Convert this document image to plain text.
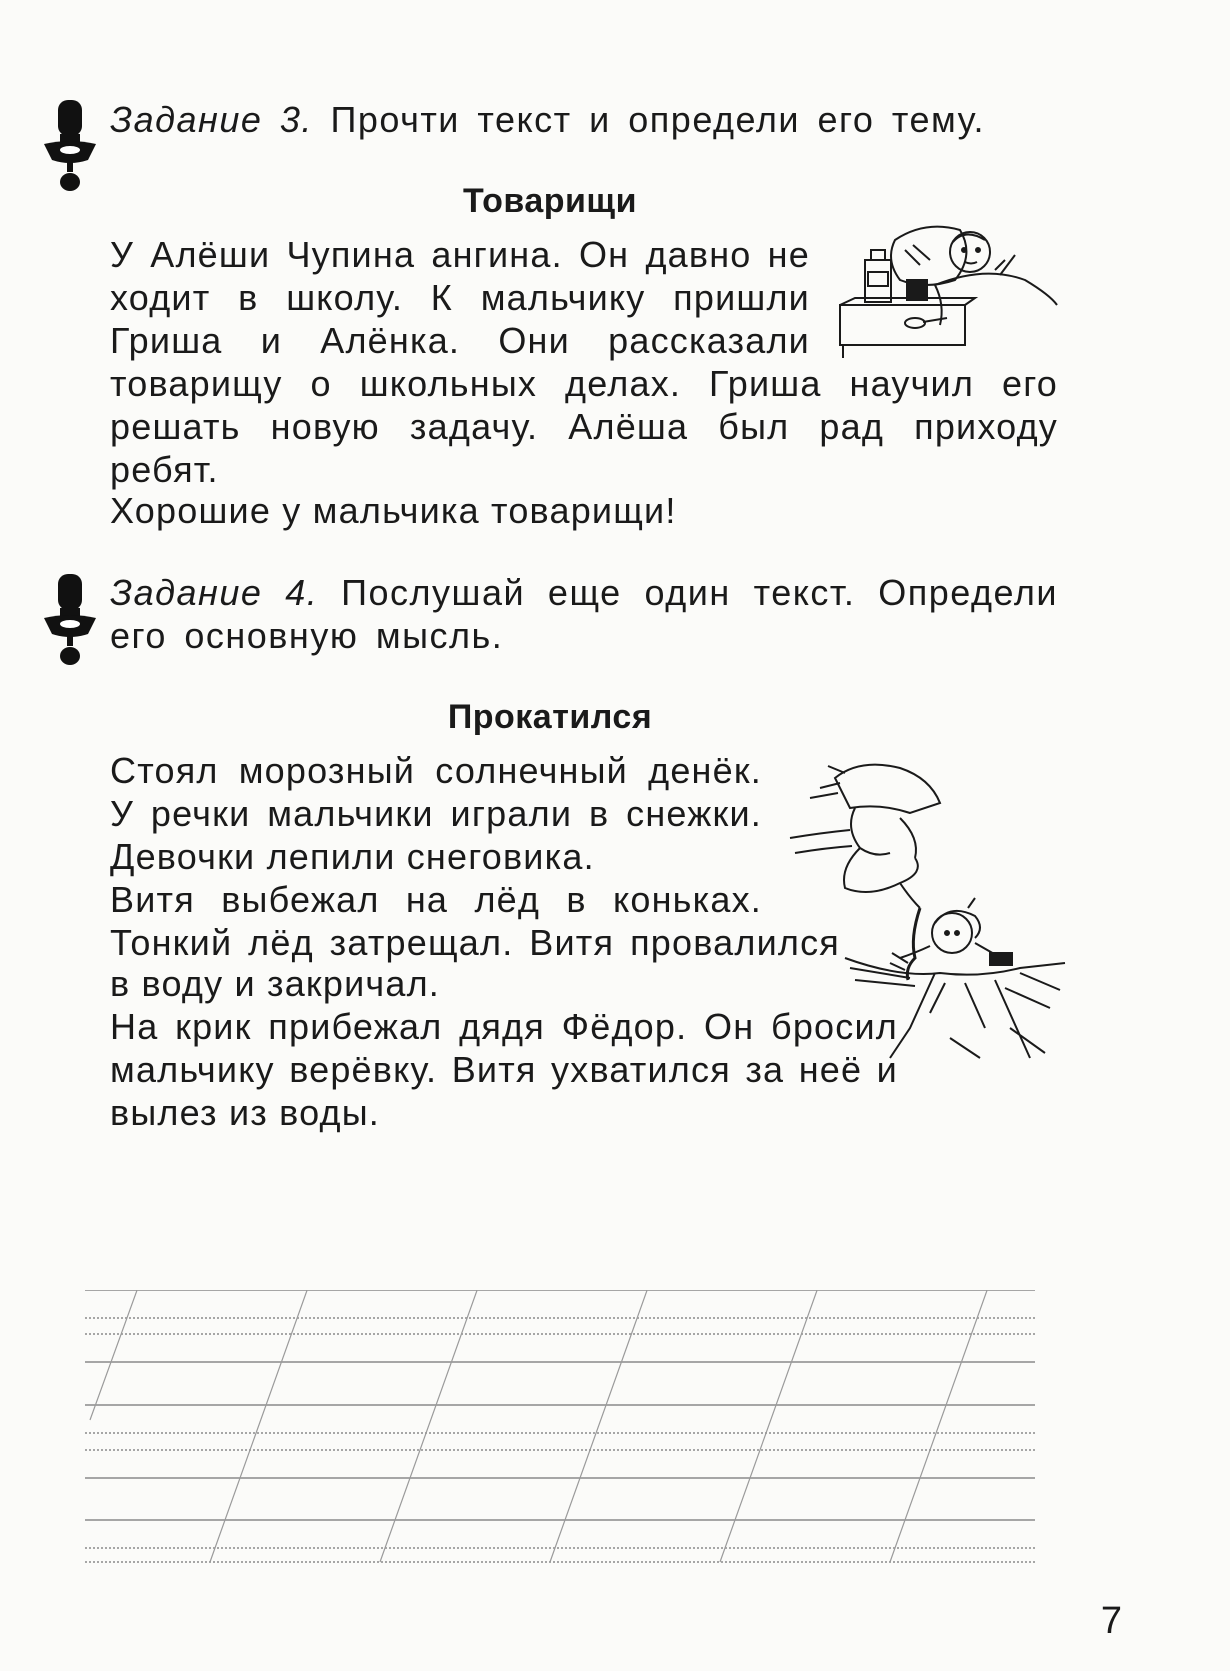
Задание 3. Прочти текст и определи его тему.
Товарищи
У Алёши Чупина ангина. Он давно не
ходит в школу. К мальчику пришли
Гриша и Алёнка. Они рассказали
товарищу о школьных делах. Гриша научил его
решать новую задачу. Алёша был рад приходу
ребят.
Хорошие у мальчика товарищи!
Задание 4. Послушай еще один текст. Определи
его основную мысль.
Прокатился
Стоял морозный солнечный денёк.
У речки мальчики играли в снежки.
Девочки лепили снеговика.
Витя выбежал на лёд в коньках.
Тонкий лёд затрещал. Витя провалился
в воду и закричал.
На крик прибежал дядя Фёдор. Он бросил
мальчику верёвку. Витя ухватился за неё и
вылез из воды.
7
